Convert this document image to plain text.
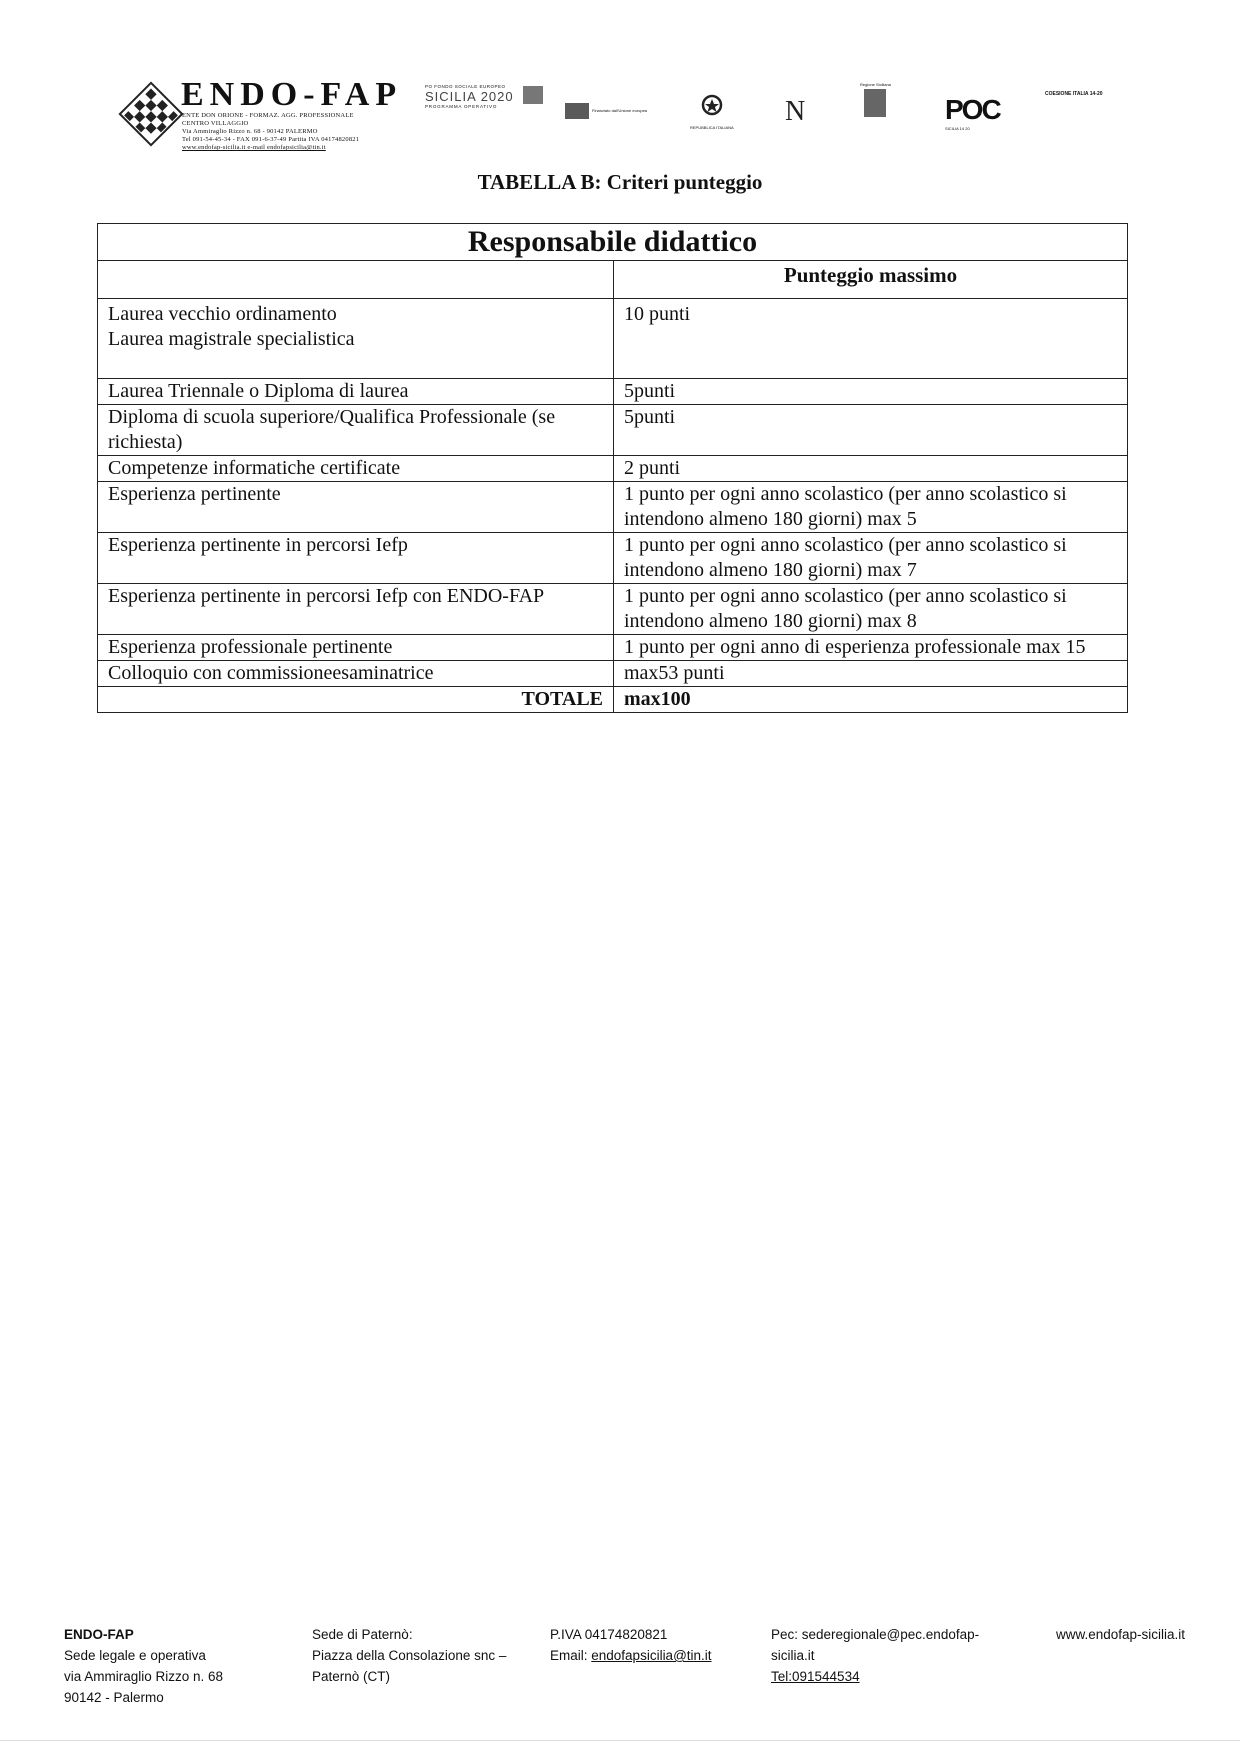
ENDO-FAP
ENTE DON ORIONE - FORMAZ. AGG. PROFESSIONALE
CENTRO VILLAGGIO
Via Ammiraglio Rizzo n. 68 - 90142 PALERMO
Tel 091-54-45-34 - FAX 091-6-37-49 Partita IVA 04174820821
www.endofap-sicilia.it e-mail endofapsicilia@tin.it
PO FONDO SOCIALE EUROPEO
SICILIA 2020
PROGRAMMA OPERATIVO
Finanziato dall'Unione europea
REPUBBLICA ITALIANA
N
Regione Siciliana
POC
SICILIA 14 20
COESIONE ITALIA 14-20
TABELLA B: Criteri punteggio
Responsabile didattico	
	Punteggio massimo
Laurea vecchio ordinamento
Laurea magistrale specialistica	10 punti
Laurea Triennale o Diploma di laurea	5punti
Diploma di scuola superiore/Qualifica Professionale (se richiesta)	5punti
Competenze informatiche certificate	2 punti
Esperienza pertinente	1 punto per ogni anno scolastico (per anno scolastico si intendono almeno 180 giorni) max 5
Esperienza pertinente in percorsi Iefp	1 punto per ogni anno scolastico (per anno scolastico si intendono almeno 180 giorni) max 7
Esperienza pertinente in percorsi Iefp con ENDO-FAP	1 punto per ogni anno scolastico (per anno scolastico si intendono almeno 180 giorni) max 8
Esperienza professionale pertinente	1 punto per ogni anno di esperienza professionale max 15
Colloquio con commissioneesaminatrice	max53 punti
TOTALE	max100
ENDO-FAP
Sede legale e operativa
via Ammiraglio Rizzo n. 68
90142 - Palermo
Sede di Paternò:
Piazza della Consolazione snc –
Paternò (CT)
P.IVA 04174820821
Email: endofapsicilia@tin.it
Pec: sederegionale@pec.endofap-
sicilia.it
Tel:091544534
www.endofap-sicilia.it
